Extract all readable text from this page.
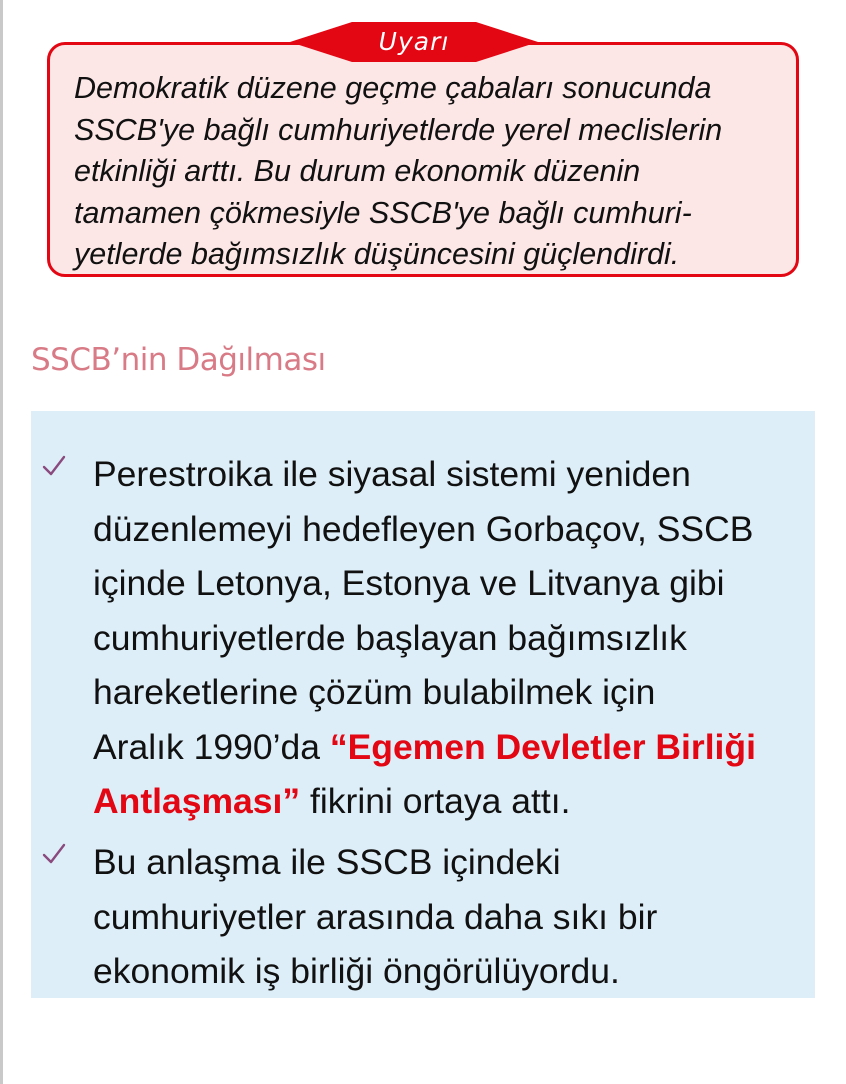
Uyarı

Demokratik düzene geçme çabaları sonucunda
SSCB'ye bağlı cumhuriyetlerde yerel meclislerin
etkinliği arttı. Bu durum ekonomik düzenin
tamamen çökmesiyle SSCB'ye bağlı cumhuri-
yetlerde bağımsızlık düşüncesini güçlendirdi.

SSCB’nin Dağılması

Perestroika ile siyasal sistemi yeniden
düzenlemeyi hedefleyen Gorbaçov, SSCB
içinde Letonya, Estonya ve Litvanya gibi
cumhuriyetlerde başlayan bağımsızlık
hareketlerine çözüm bulabilmek için
Aralık 1990’da “Egemen Devletler Birliği
Antlaşması” fikrini ortaya attı.

Bu anlaşma ile SSCB içindeki
cumhuriyetler arasında daha sıkı bir
ekonomik iş birliği öngörülüyordu.
